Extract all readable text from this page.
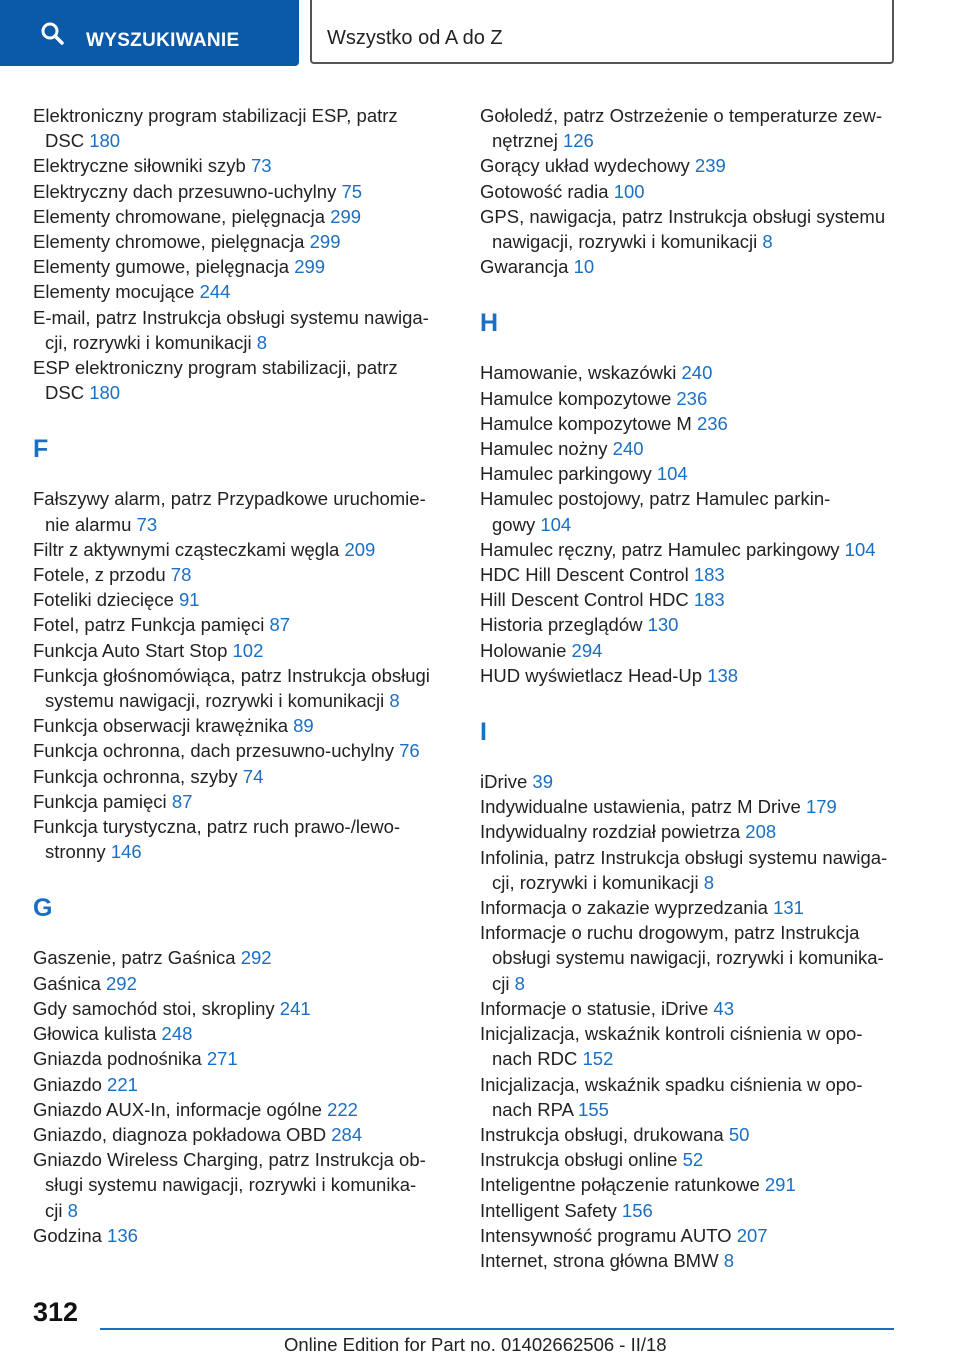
WYSZUKIWANIE	Wszystko od A do Z
Elektroniczny program stabilizacji ESP, patrz
DSC 180
Elektryczne siłowniki szyb 73
Elektryczny dach przesuwno-uchylny 75
Elementy chromowane, pielęgnacja 299
Elementy chromowe, pielęgnacja 299
Elementy gumowe, pielęgnacja 299
Elementy mocujące 244
E-mail, patrz Instrukcja obsługi systemu nawiga-
cji, rozrywki i komunikacji 8
ESP elektroniczny program stabilizacji, patrz
DSC 180
F
Fałszywy alarm, patrz Przypadkowe uruchomie-
nie alarmu 73
Filtr z aktywnymi cząsteczkami węgla 209
Fotele, z przodu 78
Foteliki dziecięce 91
Fotel, patrz Funkcja pamięci 87
Funkcja Auto Start Stop 102
Funkcja głośnomówiąca, patrz Instrukcja obsługi
systemu nawigacji, rozrywki i komunikacji 8
Funkcja obserwacji krawężnika 89
Funkcja ochronna, dach przesuwno-uchylny 76
Funkcja ochronna, szyby 74
Funkcja pamięci 87
Funkcja turystyczna, patrz ruch prawo-/lewo-
stronny 146
G
Gaszenie, patrz Gaśnica 292
Gaśnica 292
Gdy samochód stoi, skropliny 241
Głowica kulista 248
Gniazda podnośnika 271
Gniazdo 221
Gniazdo AUX-In, informacje ogólne 222
Gniazdo, diagnoza pokładowa OBD 284
Gniazdo Wireless Charging, patrz Instrukcja ob-
sługi systemu nawigacji, rozrywki i komunika-
cji 8
Godzina 136
Gołoledź, patrz Ostrzeżenie o temperaturze zew-
nętrznej 126
Gorący układ wydechowy 239
Gotowość radia 100
GPS, nawigacja, patrz Instrukcja obsługi systemu
nawigacji, rozrywki i komunikacji 8
Gwarancja 10
H
Hamowanie, wskazówki 240
Hamulce kompozytowe 236
Hamulce kompozytowe M 236
Hamulec nożny 240
Hamulec parkingowy 104
Hamulec postojowy, patrz Hamulec parkin-
gowy 104
Hamulec ręczny, patrz Hamulec parkingowy 104
HDC Hill Descent Control 183
Hill Descent Control HDC 183
Historia przeglądów 130
Holowanie 294
HUD wyświetlacz Head-Up 138
I
iDrive 39
Indywidualne ustawienia, patrz M Drive 179
Indywidualny rozdział powietrza 208
Infolinia, patrz Instrukcja obsługi systemu nawiga-
cji, rozrywki i komunikacji 8
Informacja o zakazie wyprzedzania 131
Informacje o ruchu drogowym, patrz Instrukcja
obsługi systemu nawigacji, rozrywki i komunika-
cji 8
Informacje o statusie, iDrive 43
Inicjalizacja, wskaźnik kontroli ciśnienia w opo-
nach RDC 152
Inicjalizacja, wskaźnik spadku ciśnienia w opo-
nach RPA 155
Instrukcja obsługi, drukowana 50
Instrukcja obsługi online 52
Inteligentne połączenie ratunkowe 291
Intelligent Safety 156
Intensywność programu AUTO 207
Internet, strona główna BMW 8
312
Online Edition for Part no. 01402662506 - II/18
